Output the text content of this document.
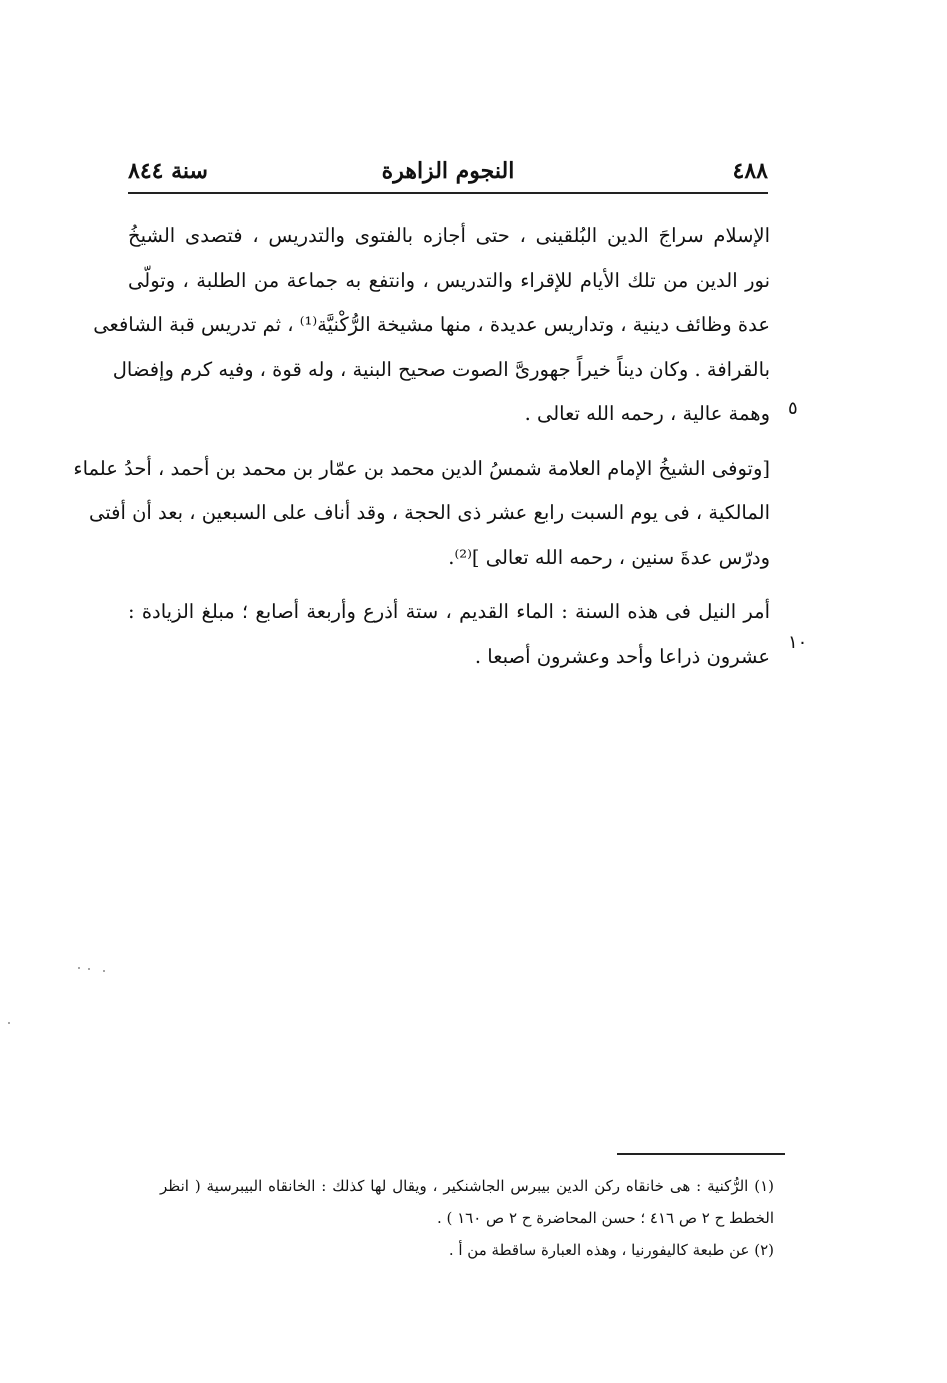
٤٨٨
النجوم الزاهرة
سنة ٨٤٤
الإسلام سراجَ الدين البُلقينى ، حتى أجازه بالفتوى والتدريس ، فتصدى الشيخُ
نور الدين من تلك الأيام للإقراء والتدريس ، وانتفع به جماعة من الطلبة ، وتولّى
عدة وظائف دينية ، وتداريس عديدة ، منها مشيخة الرُّكْنيَّة⁽¹⁾ ، ثم تدريس قبة الشافعى
بالقرافة . وكان ديناً خيراً جهورىَّ الصوت صحيح البنية ، وله قوة ، وفيه كرم وإفضال
وهمة عالية ، رحمه الله تعالى .
[وتوفى الشيخُ الإمام العلامة شمسُ الدين محمد بن عمّار بن محمد بن أحمد ، أحدُ علماء
المالكية ، فى يوم السبت رابع عشر ذى الحجة ، وقد أناف على السبعين ، بعد أن أفتى
ودرّس عدةَ سنين ، رحمه الله تعالى ]⁽²⁾.
أمر النيل فى هذه السنة : الماء القديم ، ستة أذرع وأربعة أصابع ؛ مبلغ الزيادة :
عشرون ذراعا وأحد وعشرون أصبعا .
٥
١٠
(١) الرُّكنية : هى خانقاه ركن الدين بيبرس الجاشنكير ، ويقال لها كذلك : الخانقاه البيبرسية ( انظر
الخطط ح ٢ ص ٤١٦ ؛ حسن المحاضرة ح ٢ ص ١٦٠ ) .
(٢) عن طبعة كاليفورنيا ، وهذه العبارة ساقطة من أ .
